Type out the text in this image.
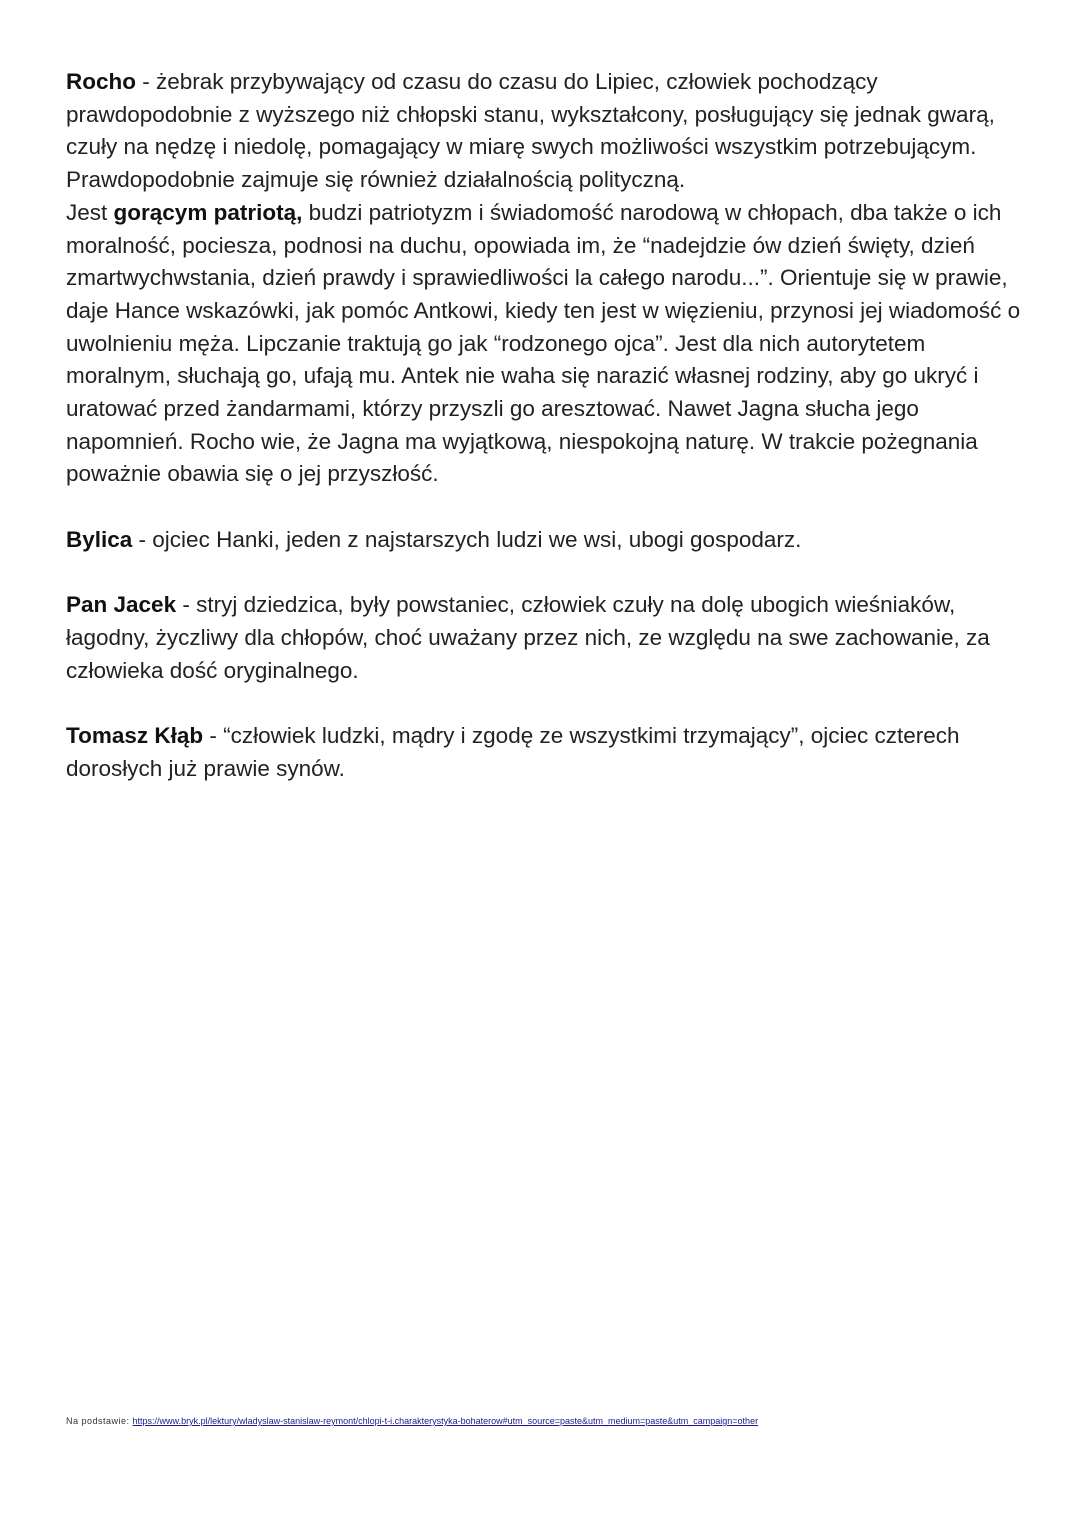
Rocho - żebrak przybywający od czasu do czasu do Lipiec, człowiek pochodzący prawdopodobnie z wyższego niż chłopski stanu, wykształcony, posługujący się jednak gwarą, czuły na nędzę i niedolę, pomagający w miarę swych możliwości wszystkim potrzebującym. Prawdopodobnie zajmuje się również działalnością polityczną.
Jest gorącym patriotą, budzi patriotyzm i świadomość narodową w chłopach, dba także o ich moralność, pociesza, podnosi na duchu, opowiada im, że “nadejdzie ów dzień święty, dzień zmartwychwstania, dzień prawdy i sprawiedliwości la całego narodu...”. Orientuje się w prawie, daje Hance wskazówki, jak pomóc Antkowi, kiedy ten jest w więzieniu, przynosi jej wiadomość o uwolnieniu męża. Lipczanie traktują go jak “rodzonego ojca”. Jest dla nich autorytetem moralnym, słuchają go, ufają mu. Antek nie waha się narazić własnej rodziny, aby go ukryć i uratować przed żandarmami, którzy przyszli go aresztować. Nawet Jagna słucha jego napomnień. Rocho wie, że Jagna ma wyjątkową, niespokojną naturę. W trakcie pożegnania poważnie obawia się o jej przyszłość.
Bylica - ojciec Hanki, jeden z najstarszych ludzi we wsi, ubogi gospodarz.
Pan Jacek - stryj dziedzica, były powstaniec, człowiek czuły na dolę ubogich wieśniaków, łagodny, życzliwy dla chłopów, choć uważany przez nich, ze względu na swe zachowanie, za człowieka dość oryginalnego.
Tomasz Kłąb - “człowiek ludzki, mądry i zgodę ze wszystkimi trzymający”, ojciec czterech dorosłych już prawie synów.
Na podstawie: https://www.bryk.pl/lektury/wladyslaw-stanislaw-reymont/chlopi-t-i.charakterystyka-bohaterow#utm_source=paste&utm_medium=paste&utm_campaign=other
